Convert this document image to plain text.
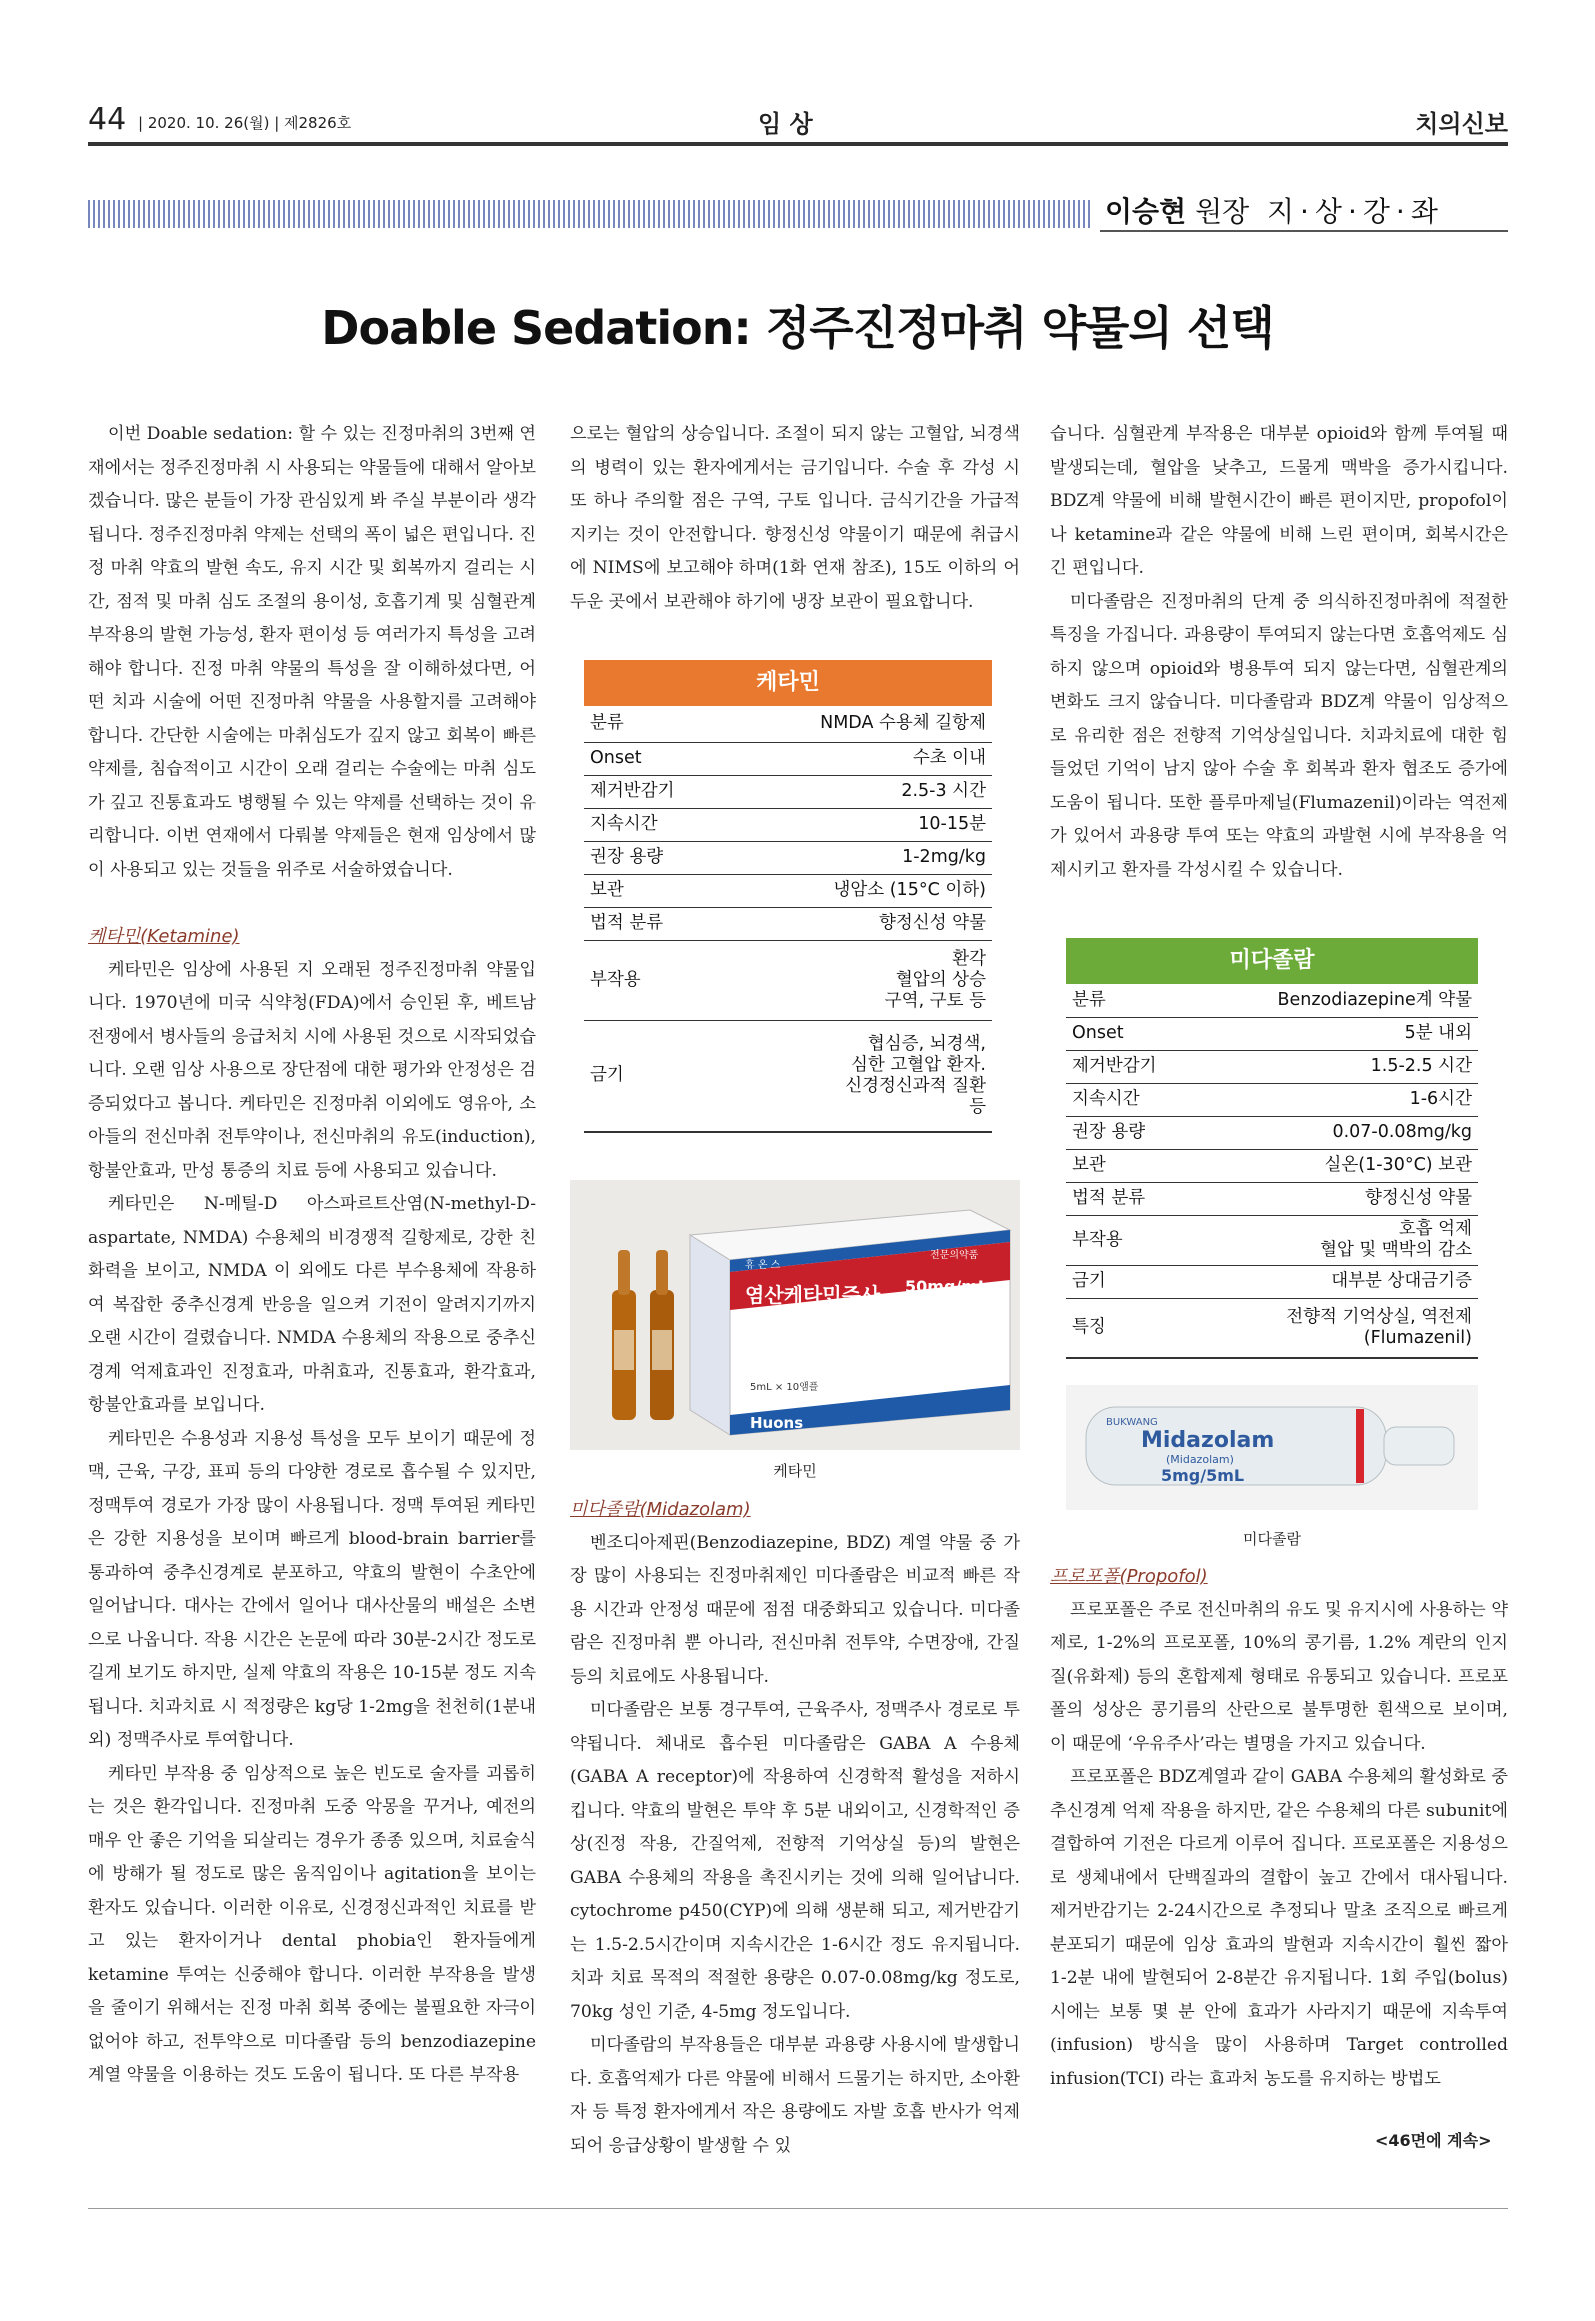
44 | 2020. 10. 26(월) | 제2826호	임 상	치의신보
이승현 원장 지·상·강·좌
Doable Sedation: 정주진정마취 약물의 선택

이번 Doable sedation: 할 수 있는 진정마취의 3번째 연재에서는 정주진정마취 시 사용되는 약물들에 대해서 알아보겠습니다. 많은 분들이 가장 관심있게 봐 주실 부분이라 생각됩니다. 정주진정마취 약제는 선택의 폭이 넓은 편입니다. 진정 마취 약효의 발현 속도, 유지 시간 및 회복까지 걸리는 시간, 점적 및 마취 심도 조절의 용이성, 호흡기계 및 심혈관계 부작용의 발현 가능성, 환자 편이성 등 여러가지 특성을 고려해야 합니다. 진정 마취 약물의 특성을 잘 이해하셨다면, 어떤 치과 시술에 어떤 진정마취 약물을 사용할지를 고려해야 합니다. 간단한 시술에는 마취심도가 깊지 않고 회복이 빠른 약제를, 침습적이고 시간이 오래 걸리는 수술에는 마취 심도가 깊고 진통효과도 병행될 수 있는 약제를 선택하는 것이 유리합니다. 이번 연재에서 다뤄볼 약제들은 현재 임상에서 많이 사용되고 있는 것들을 위주로 서술하였습니다.

케타민(Ketamine)

케타민은 임상에 사용된 지 오래된 정주진정마취 약물입니다. 1970년에 미국 식약청(FDA)에서 승인된 후, 베트남 전쟁에서 병사들의 응급처치 시에 사용된 것으로 시작되었습니다. 오랜 임상 사용으로 장단점에 대한 평가와 안정성은 검증되었다고 봅니다. 케타민은 진정마취 이외에도 영유아, 소아들의 전신마취 전투약이나, 전신마취의 유도(induction), 항불안효과, 만성 통증의 치료 등에 사용되고 있습니다.

케타민은 N-메틸-D 아스파르트산염(N-methyl-D-aspartate, NMDA) 수용체의 비경쟁적 길항제로, 강한 친화력을 보이고, NMDA 이 외에도 다른 부수용체에 작용하여 복잡한 중추신경계 반응을 일으켜 기전이 알려지기까지 오랜 시간이 걸렸습니다. NMDA 수용체의 작용으로 중추신경계 억제효과인 진정효과, 마취효과, 진통효과, 환각효과, 항불안효과를 보입니다.

케타민은 수용성과 지용성 특성을 모두 보이기 때문에 정맥, 근육, 구강, 표피 등의 다양한 경로로 흡수될 수 있지만, 정맥투여 경로가 가장 많이 사용됩니다. 정맥 투여된 케타민은 강한 지용성을 보이며 빠르게 blood-brain barrier를 통과하여 중추신경계로 분포하고, 약효의 발현이 수초안에 일어납니다. 대사는 간에서 일어나 대사산물의 배설은 소변으로 나옵니다. 작용 시간은 논문에 따라 30분-2시간 정도로 길게 보기도 하지만, 실제 약효의 작용은 10-15분 정도 지속됩니다. 치과치료 시 적정량은 kg당 1-2mg을 천천히(1분내외) 정맥주사로 투여합니다.

케타민 부작용 중 임상적으로 높은 빈도로 술자를 괴롭히는 것은 환각입니다. 진정마취 도중 악몽을 꾸거나, 예전의 매우 안 좋은 기억을 되살리는 경우가 종종 있으며, 치료술식에 방해가 될 정도로 많은 움직임이나 agitation을 보이는 환자도 있습니다. 이러한 이유로, 신경정신과적인 치료를 받고 있는 환자이거나 dental phobia인 환자들에게 ketamine 투여는 신중해야 합니다. 이러한 부작용을 발생을 줄이기 위해서는 진정 마취 회복 중에는 불필요한 자극이 없어야 하고, 전투약으로 미다졸람 등의 benzodiazepine 계열 약물을 이용하는 것도 도움이 됩니다. 또 다른 부작용

으로는 혈압의 상승입니다. 조절이 되지 않는 고혈압, 뇌경색의 병력이 있는 환자에게서는 금기입니다. 수술 후 각성 시 또 하나 주의할 점은 구역, 구토 입니다. 금식기간을 가급적 지키는 것이 안전합니다. 향정신성 약물이기 때문에 취급시에 NIMS에 보고해야 하며(1화 연재 참조), 15도 이하의 어두운 곳에서 보관해야 하기에 냉장 보관이 필요합니다.

케타민
분류	NMDA 수용체 길항제
Onset	수초 이내
제거반감기	2.5-3 시간
지속시간	10-15분
권장 용량	1-2mg/kg
보관	냉암소 (15°C 이하)
법적 분류	향정신성 약물
부작용	환각
혈압의 상승
구역, 구토 등
금기	협심증, 뇌경색,
심한 고혈압 환자.
신경정신과적 질환
등
휴 온 스
전문의약품
염산케타민주사 50mg/mL
5mL × 10앰플
Huons
케타민

미다졸람(Midazolam)

벤조디아제핀(Benzodiazepine, BDZ) 계열 약물 중 가장 많이 사용되는 진정마취제인 미다졸람은 비교적 빠른 작용 시간과 안정성 때문에 점점 대중화되고 있습니다. 미다졸람은 진정마취 뿐 아니라, 전신마취 전투약, 수면장애, 간질 등의 치료에도 사용됩니다.

미다졸람은 보통 경구투여, 근육주사, 정맥주사 경로로 투약됩니다. 체내로 흡수된 미다졸람은 GABA A 수용체(GABA A receptor)에 작용하여 신경학적 활성을 저하시킵니다. 약효의 발현은 투약 후 5분 내외이고, 신경학적인 증상(진정 작용, 간질억제, 전향적 기억상실 등)의 발현은 GABA 수용체의 작용을 촉진시키는 것에 의해 일어납니다. cytochrome p450(CYP)에 의해 생분해 되고, 제거반감기는 1.5-2.5시간이며 지속시간은 1-6시간 정도 유지됩니다. 치과 치료 목적의 적절한 용량은 0.07-0.08mg/kg 정도로, 70kg 성인 기준, 4-5mg 정도입니다.

미다졸람의 부작용들은 대부분 과용량 사용시에 발생합니다. 호흡억제가 다른 약물에 비해서 드물기는 하지만, 소아환자 등 특정 환자에게서 작은 용량에도 자발 호흡 반사가 억제되어 응급상황이 발생할 수 있

습니다. 심혈관계 부작용은 대부분 opioid와 함께 투여될 때 발생되는데, 혈압을 낮추고, 드물게 맥박을 증가시킵니다. BDZ계 약물에 비해 발현시간이 빠른 편이지만, propofol이나 ketamine과 같은 약물에 비해 느린 편이며, 회복시간은 긴 편입니다.

미다졸람은 진정마취의 단계 중 의식하진정마취에 적절한 특징을 가집니다. 과용량이 투여되지 않는다면 호흡억제도 심하지 않으며 opioid와 병용투여 되지 않는다면, 심혈관계의 변화도 크지 않습니다. 미다졸람과 BDZ계 약물이 임상적으로 유리한 점은 전향적 기억상실입니다. 치과치료에 대한 힘들었던 기억이 남지 않아 수술 후 회복과 환자 협조도 증가에 도움이 됩니다. 또한 플루마제닐(Flumazenil)이라는 역전제가 있어서 과용량 투여 또는 약효의 과발현 시에 부작용을 억제시키고 환자를 각성시킬 수 있습니다.

미다졸람
분류	Benzodiazepine계 약물
Onset	5분 내외
제거반감기	1.5-2.5 시간
지속시간	1-6시간
권장 용량	0.07-0.08mg/kg
보관	실온(1-30°C) 보관
법적 분류	향정신성 약물
부작용	호흡 억제
혈압 및 맥박의 감소
금기	대부분 상대금기증
특징	전향적 기억상실, 역전제
(Flumazenil)
BUKWANG
Midazolam
(Midazolam)
5mg/5mL
미다졸람

프로포폴(Propofol)

프로포폴은 주로 전신마취의 유도 및 유지시에 사용하는 약제로, 1-2%의 프로포폴, 10%의 콩기름, 1.2% 계란의 인지질(유화제) 등의 혼합제제 형태로 유통되고 있습니다. 프로포폴의 성상은 콩기름의 산란으로 불투명한 흰색으로 보이며, 이 때문에 ‘우유주사’라는 별명을 가지고 있습니다.

프로포폴은 BDZ계열과 같이 GABA 수용체의 활성화로 중추신경계 억제 작용을 하지만, 같은 수용체의 다른 subunit에 결합하여 기전은 다르게 이루어 집니다. 프로포폴은 지용성으로 생체내에서 단백질과의 결합이 높고 간에서 대사됩니다. 제거반감기는 2-24시간으로 추정되나 말초 조직으로 빠르게 분포되기 때문에 임상 효과의 발현과 지속시간이 훨씬 짧아 1-2분 내에 발현되어 2-8분간 유지됩니다. 1회 주입(bolus) 시에는 보통 몇 분 안에 효과가 사라지기 때문에 지속투여(infusion) 방식을 많이 사용하며 Target controlled infusion(TCI) 라는 효과처 농도를 유지하는 방법도

<46면에 계속>
